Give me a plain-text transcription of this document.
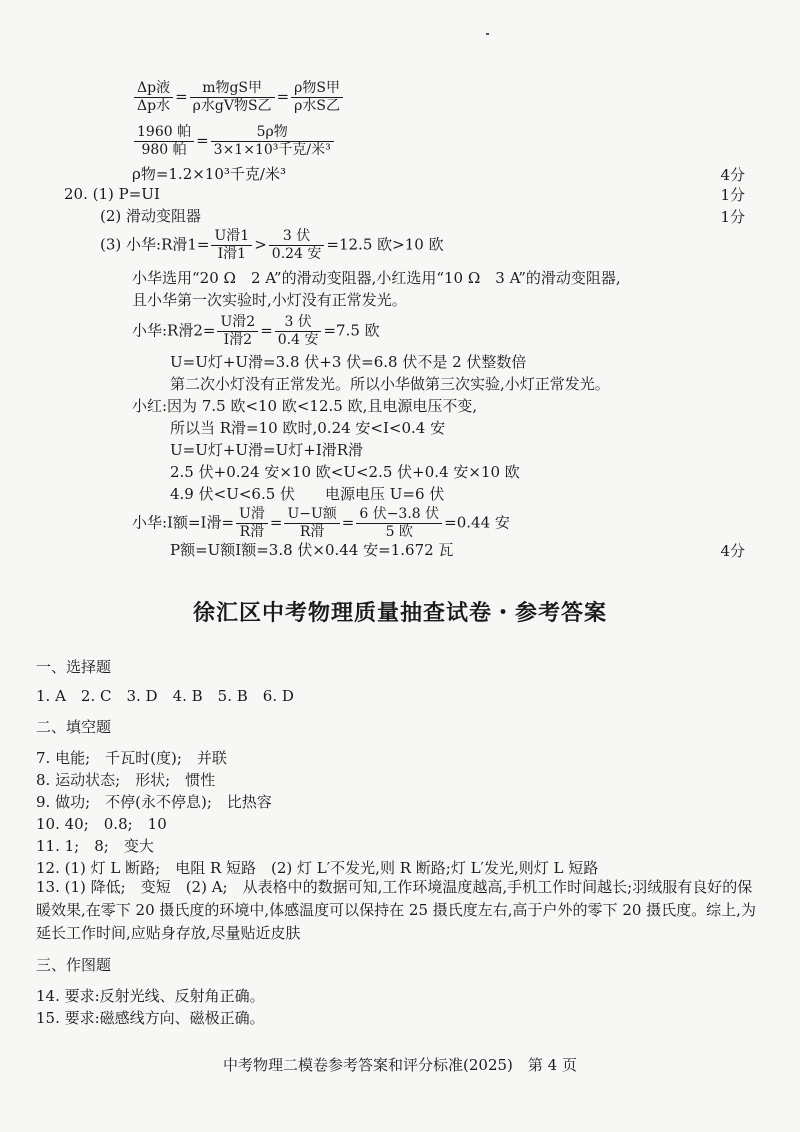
$\frac{\text{Δp液}}{\text{Δp水}} = \frac{\text{m物gS甲}}{\text{ρ水gV物S乙}} = \frac{\text{ρ物S甲}}{\text{ρ水S乙}}$
$\frac{\text{1960 帕}}{\text{980 帕}} = \frac{\text{5ρ物}}{\text{3×1×10³千克/米³}}$
ρ物=1.2×10³千克/米³	4分
20. (1) P=UI	1分
(2) 滑动变阻器	1分
(3) 小华:R滑$1= \frac{\text{U滑1}}{\text{I滑1}} > \frac{\text{3 伏}}{\text{0.24 安}} =12.5$ 欧>10 欧
小华选用“20 Ω　2 A”的滑动变阻器,小红选用“10 Ω　3 A”的滑动变阻器,
且小华第一次实验时,小灯没有正常发光。
小华:R滑$2= \frac{\text{U滑2}}{\text{I滑2}} = \frac{\text{3 伏}}{\text{0.4 安}} =7.5$ 欧
U=U灯+U滑=3.8 伏+3 伏=6.8 伏不是 2 伏整数倍
第二次小灯没有正常发光。所以小华做第三次实验,小灯正常发光。
小红:因为 7.5 欧<10 欧<12.5 欧,且电源电压不变,
所以当 R滑=10 欧时,0.24 安<I<0.4 安
U=U灯+U滑=U灯+I滑R滑
2.5 伏+0.24 安×10 欧<U<2.5 伏+0.4 安×10 欧
4.9 伏<U<6.5 伏　　电源电压 U=6 伏
小华:I额=I滑= $\frac{\text{U滑}}{\text{R滑}} = \frac{\text{U−U额}}{\text{R滑}} = \frac{\text{6 伏−3.8 伏}}{\text{5 欧}} =0.44$ 安
P额=U额I额=3.8 伏×0.44 安=1.672 瓦	4分
徐汇区中考物理质量抽查试卷・参考答案
一、选择题
1. A　2. C　3. D　4. B　5. B　6. D
二、填空题
7. 电能;　千瓦时(度);　并联
8. 运动状态;　形状;　惯性
9. 做功;　不停(永不停息);　比热容
10. 40;　0.8;　10
11. 1;　8;　变大
12. (1) 灯 L 断路;　电阻 R 短路　(2) 灯 L′不发光,则 R 断路;灯 L′发光,则灯 L 短路
13. (1) 降低;　变短　(2) A;　从表格中的数据可知,工作环境温度越高,手机工作时间越长;羽绒服有良好的保暖效果,在零下 20 摄氏度的环境中,体感温度可以保持在 25 摄氏度左右,高于户外的零下 20 摄氏度。综上,为延长工作时间,应贴身存放,尽量贴近皮肤
三、作图题
14. 要求:反射光线、反射角正确。
15. 要求:磁感线方向、磁极正确。
中考物理二模卷参考答案和评分标准(2025)　第 4 页
